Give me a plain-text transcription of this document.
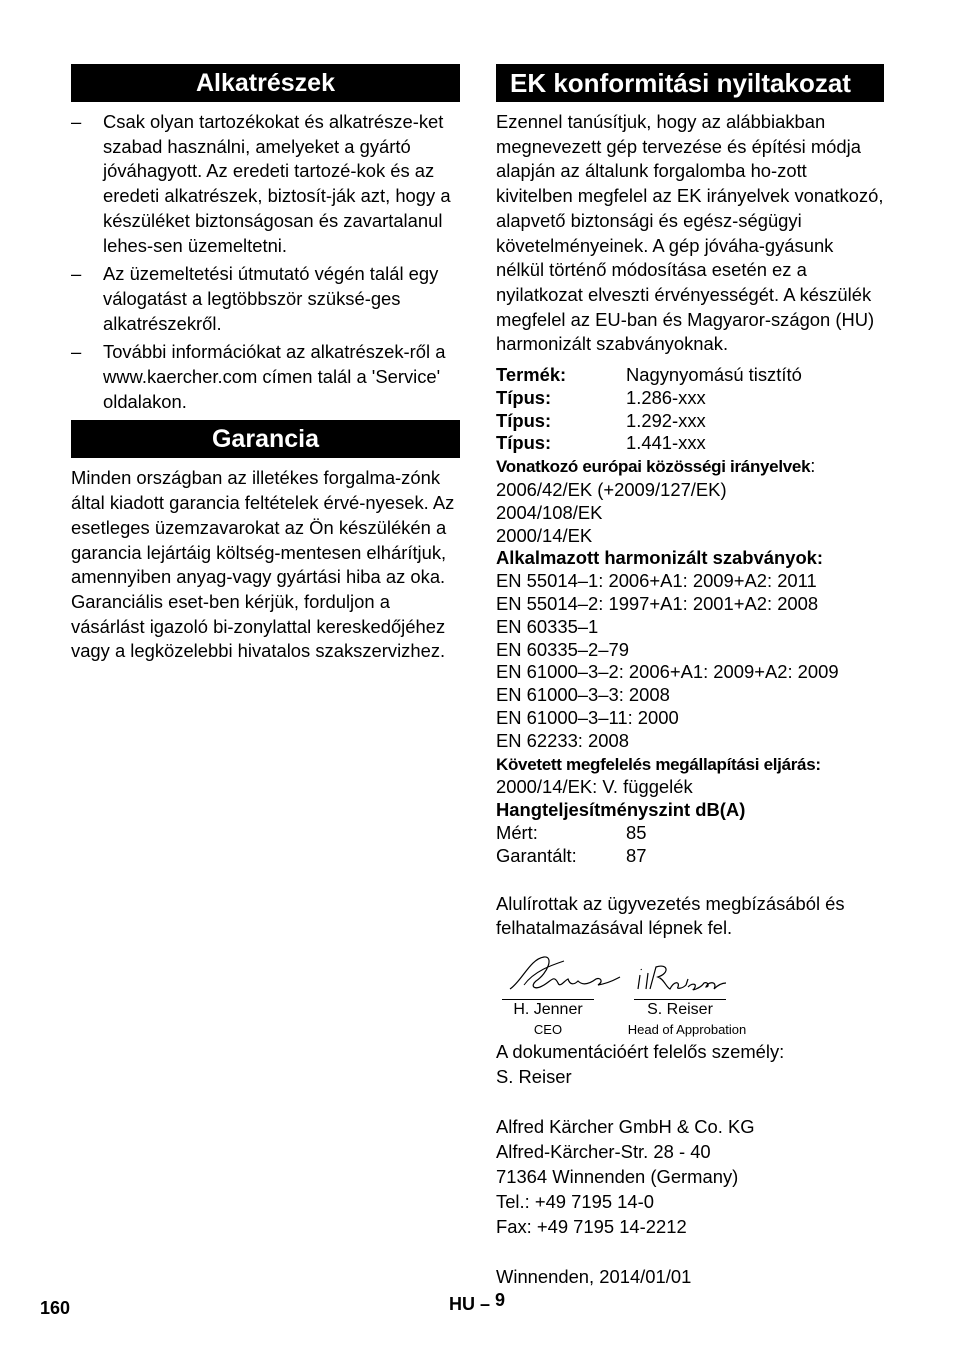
Alkatrészek
– Csak olyan tartozékokat és alkatrésze-ket szabad használni, amelyeket a gyártó jóváhagyott. Az eredeti tartozé-kok és az eredeti alkatrészek, biztosít-ják azt, hogy a készüléket biztonságosan és zavartalanul lehes-sen üzemeltetni.
– Az üzemeltetési útmutató végén talál egy válogatást a legtöbbször szüksé-ges alkatrészekről.
– További információkat az alkatrészek-ről a www.kaercher.com címen talál a 'Service' oldalakon.
Garancia

Minden országban az illetékes forgalma-zónk által kiadott garancia feltételek érvé-nyesek. Az esetleges üzemzavarokat az Ön készülékén a garancia lejártáig költség-mentesen elhárítjuk, amennyiben anyag-vagy gyártási hiba az oka. Garanciális eset-ben kérjük, forduljon a vásárlást igazoló bi-zonylattal kereskedőjéhez vagy a legközelebbi hivatalos szakszervizhez.

EK konformitási nyiltakozat

Ezennel tanúsítjuk, hogy az alábbiakban megnevezett gép tervezése és építési módja alapján az általunk forgalomba ho-zott kivitelben megfelel az EK irányelvek vonatkozó, alapvető biztonsági és egész-ségügyi követelményeinek. A gép jóváha-gyásunk nélkül történő módosítása esetén ez a nyilatkozat elveszti érvényességét. A készülék megfelel az EU-ban és Magyaror-szágon (HU) harmonizált szabványoknak.

Termék:	Nagynyomású tisztító
Típus:	1.286-xxx
Típus:	1.292-xxx
Típus:	1.441-xxx
Vonatkozó európai közösségi irányelvek:
2006/42/EK (+2009/127/EK)
2004/108/EK
2000/14/EK
Alkalmazott harmonizált szabványok:
EN 55014–1: 2006+A1: 2009+A2: 2011
EN 55014–2: 1997+A1: 2001+A2: 2008
EN 60335–1
EN 60335–2–79
EN 61000–3–2: 2006+A1: 2009+A2: 2009
EN 61000–3–3: 2008
EN 61000–3–11: 2000
EN 62233: 2008
Követett megfelelés megállapítási eljárás:
2000/14/EK: V. függelék
Hangteljesítményszint dB(A)
Mért:	85
Garantált:	87

Alulírottak az ügyvezetés megbízásából és felhatalmazásával lépnek fel.

H. Jenner
CEO
S. Reiser
Head of Approbation
A dokumentációért felelős személy:
S. Reiser
Alfred Kärcher GmbH & Co. KG
Alfred-Kärcher-Str. 28 - 40
71364 Winnenden (Germany)
Tel.: +49 7195 14-0
Fax: +49 7195 14-2212
Winnenden, 2014/01/01
160	HU – 9
